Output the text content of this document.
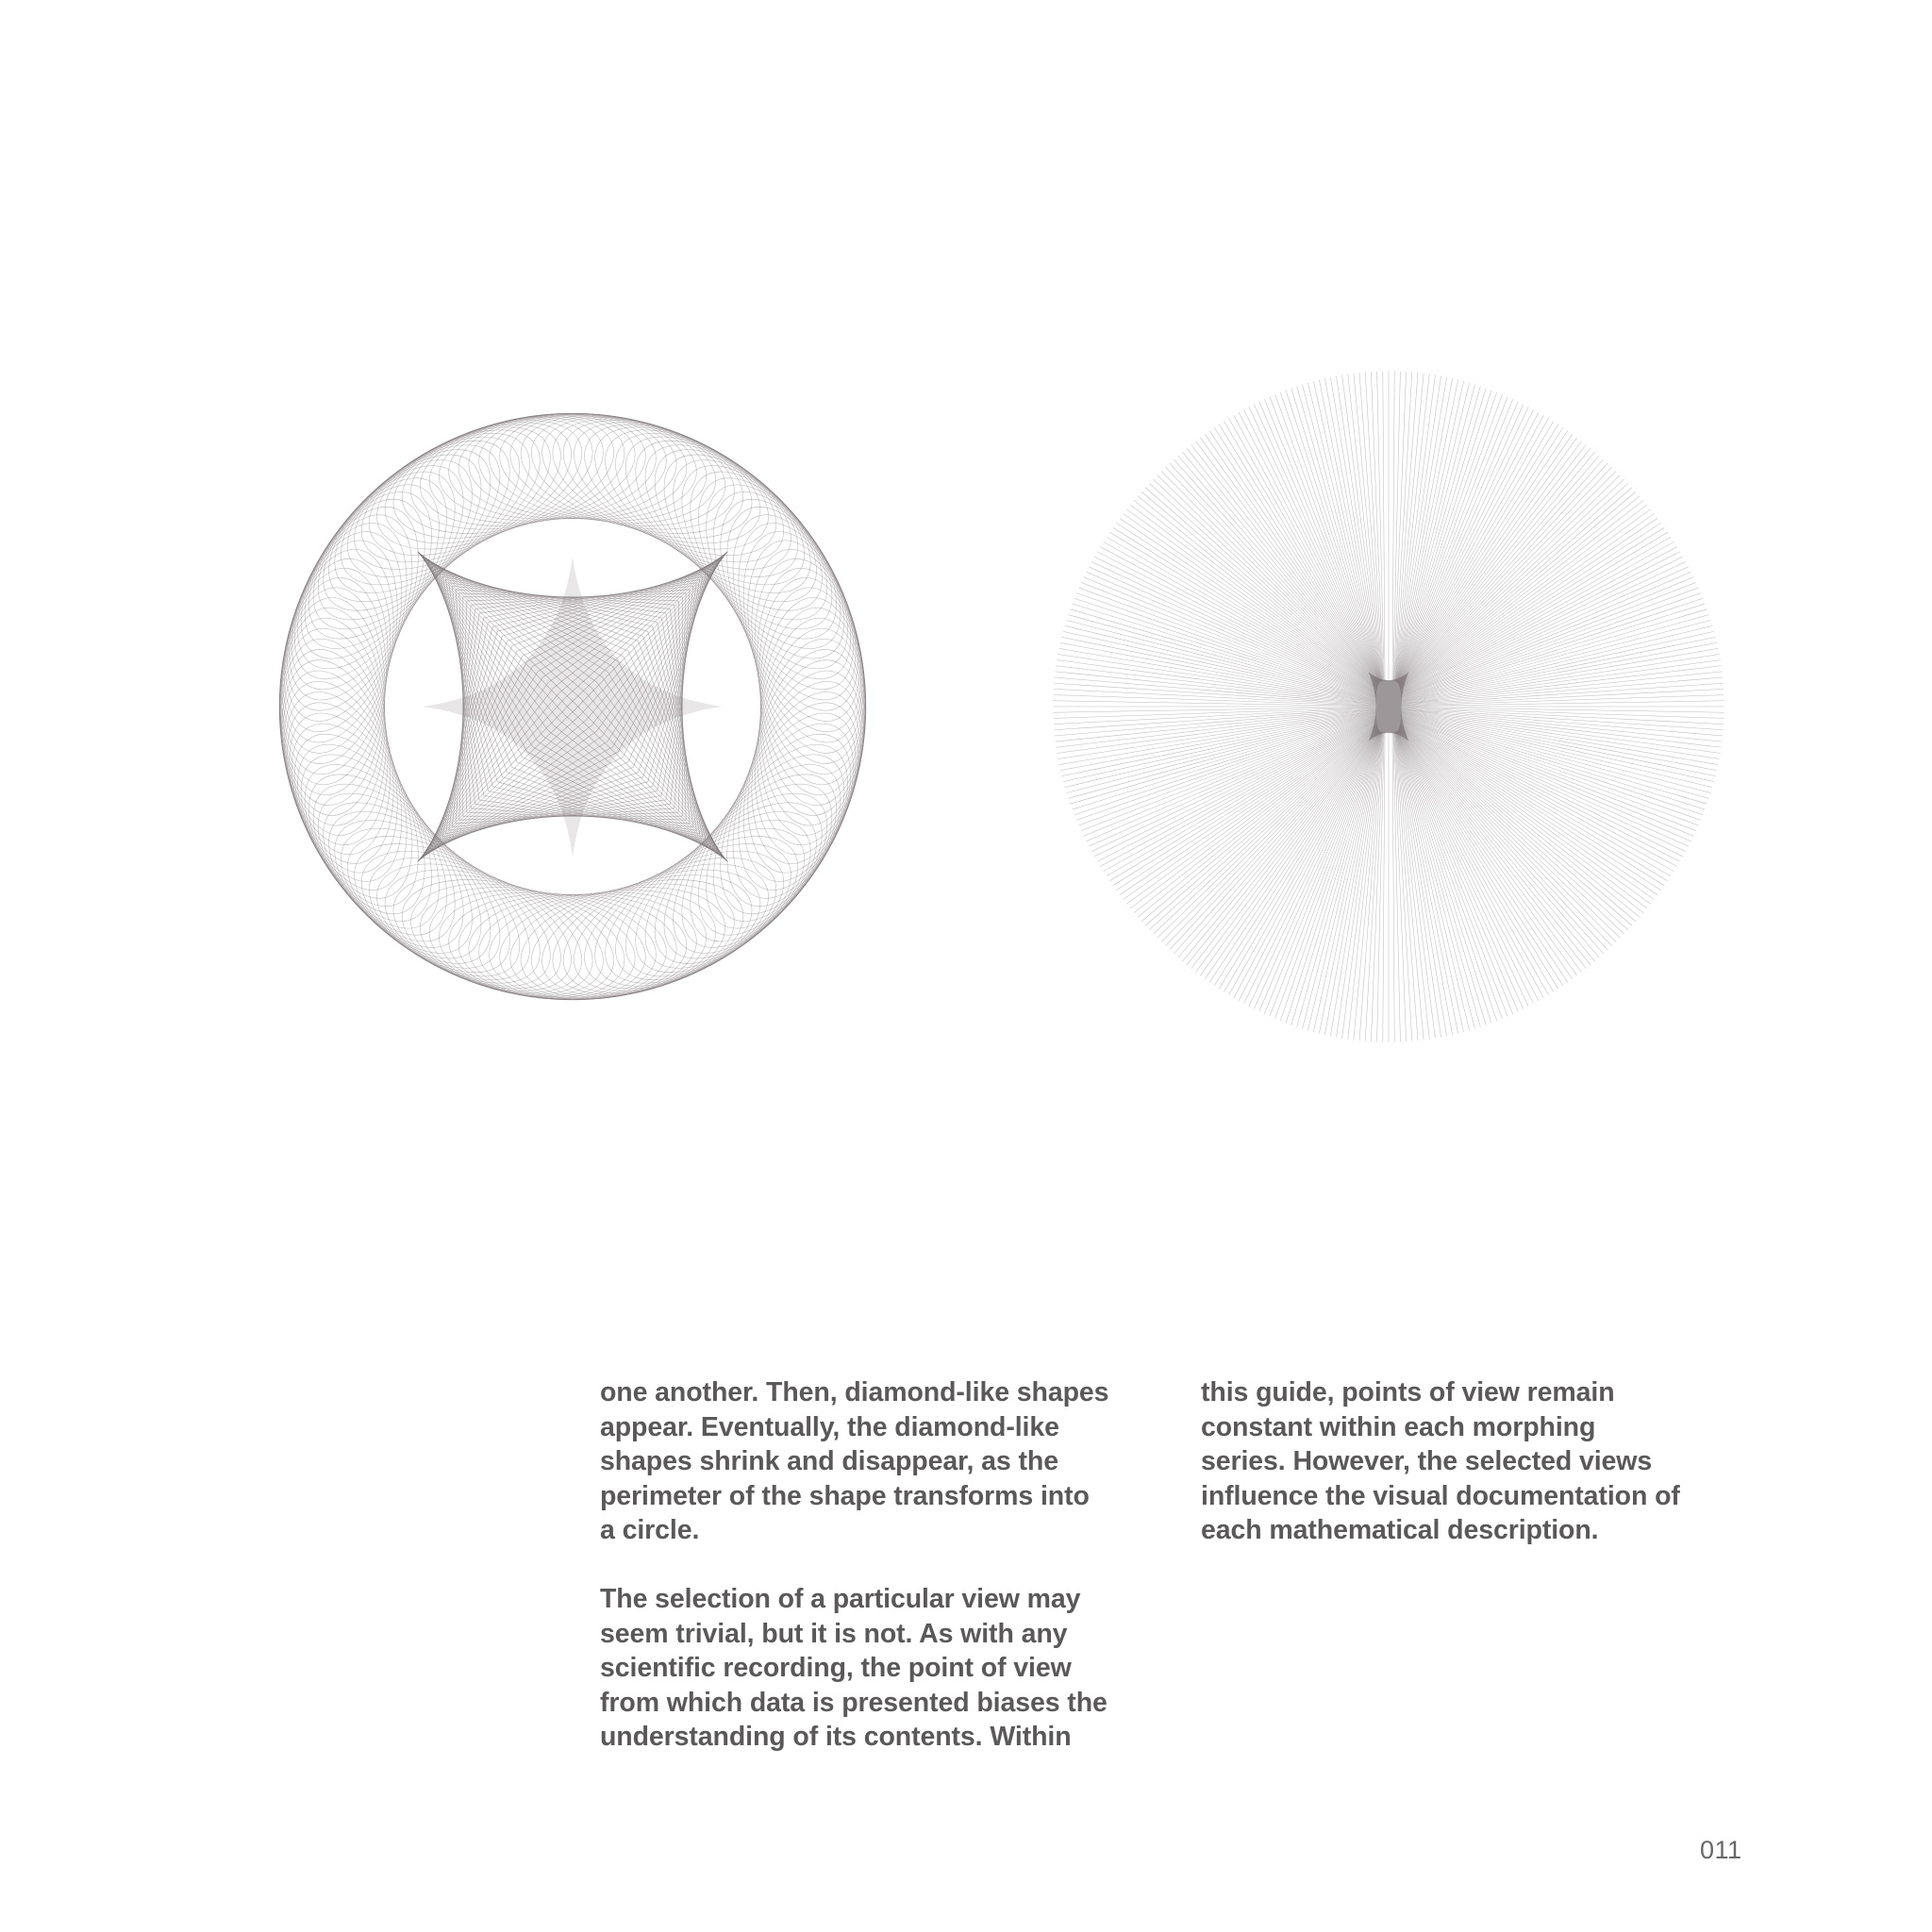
one another. Then, diamond-like shapes
appear. Eventually, the diamond-like
shapes shrink and disappear, as the
perimeter of the shape transforms into
a circle.

The selection of a particular view may
seem trivial, but it is not. As with any
scientific recording, the point of view
from which data is presented biases the
understanding of its contents. Within

this guide, points of view remain
constant within each morphing
series. However, the selected views
influence the visual documentation of
each mathematical description.

011
